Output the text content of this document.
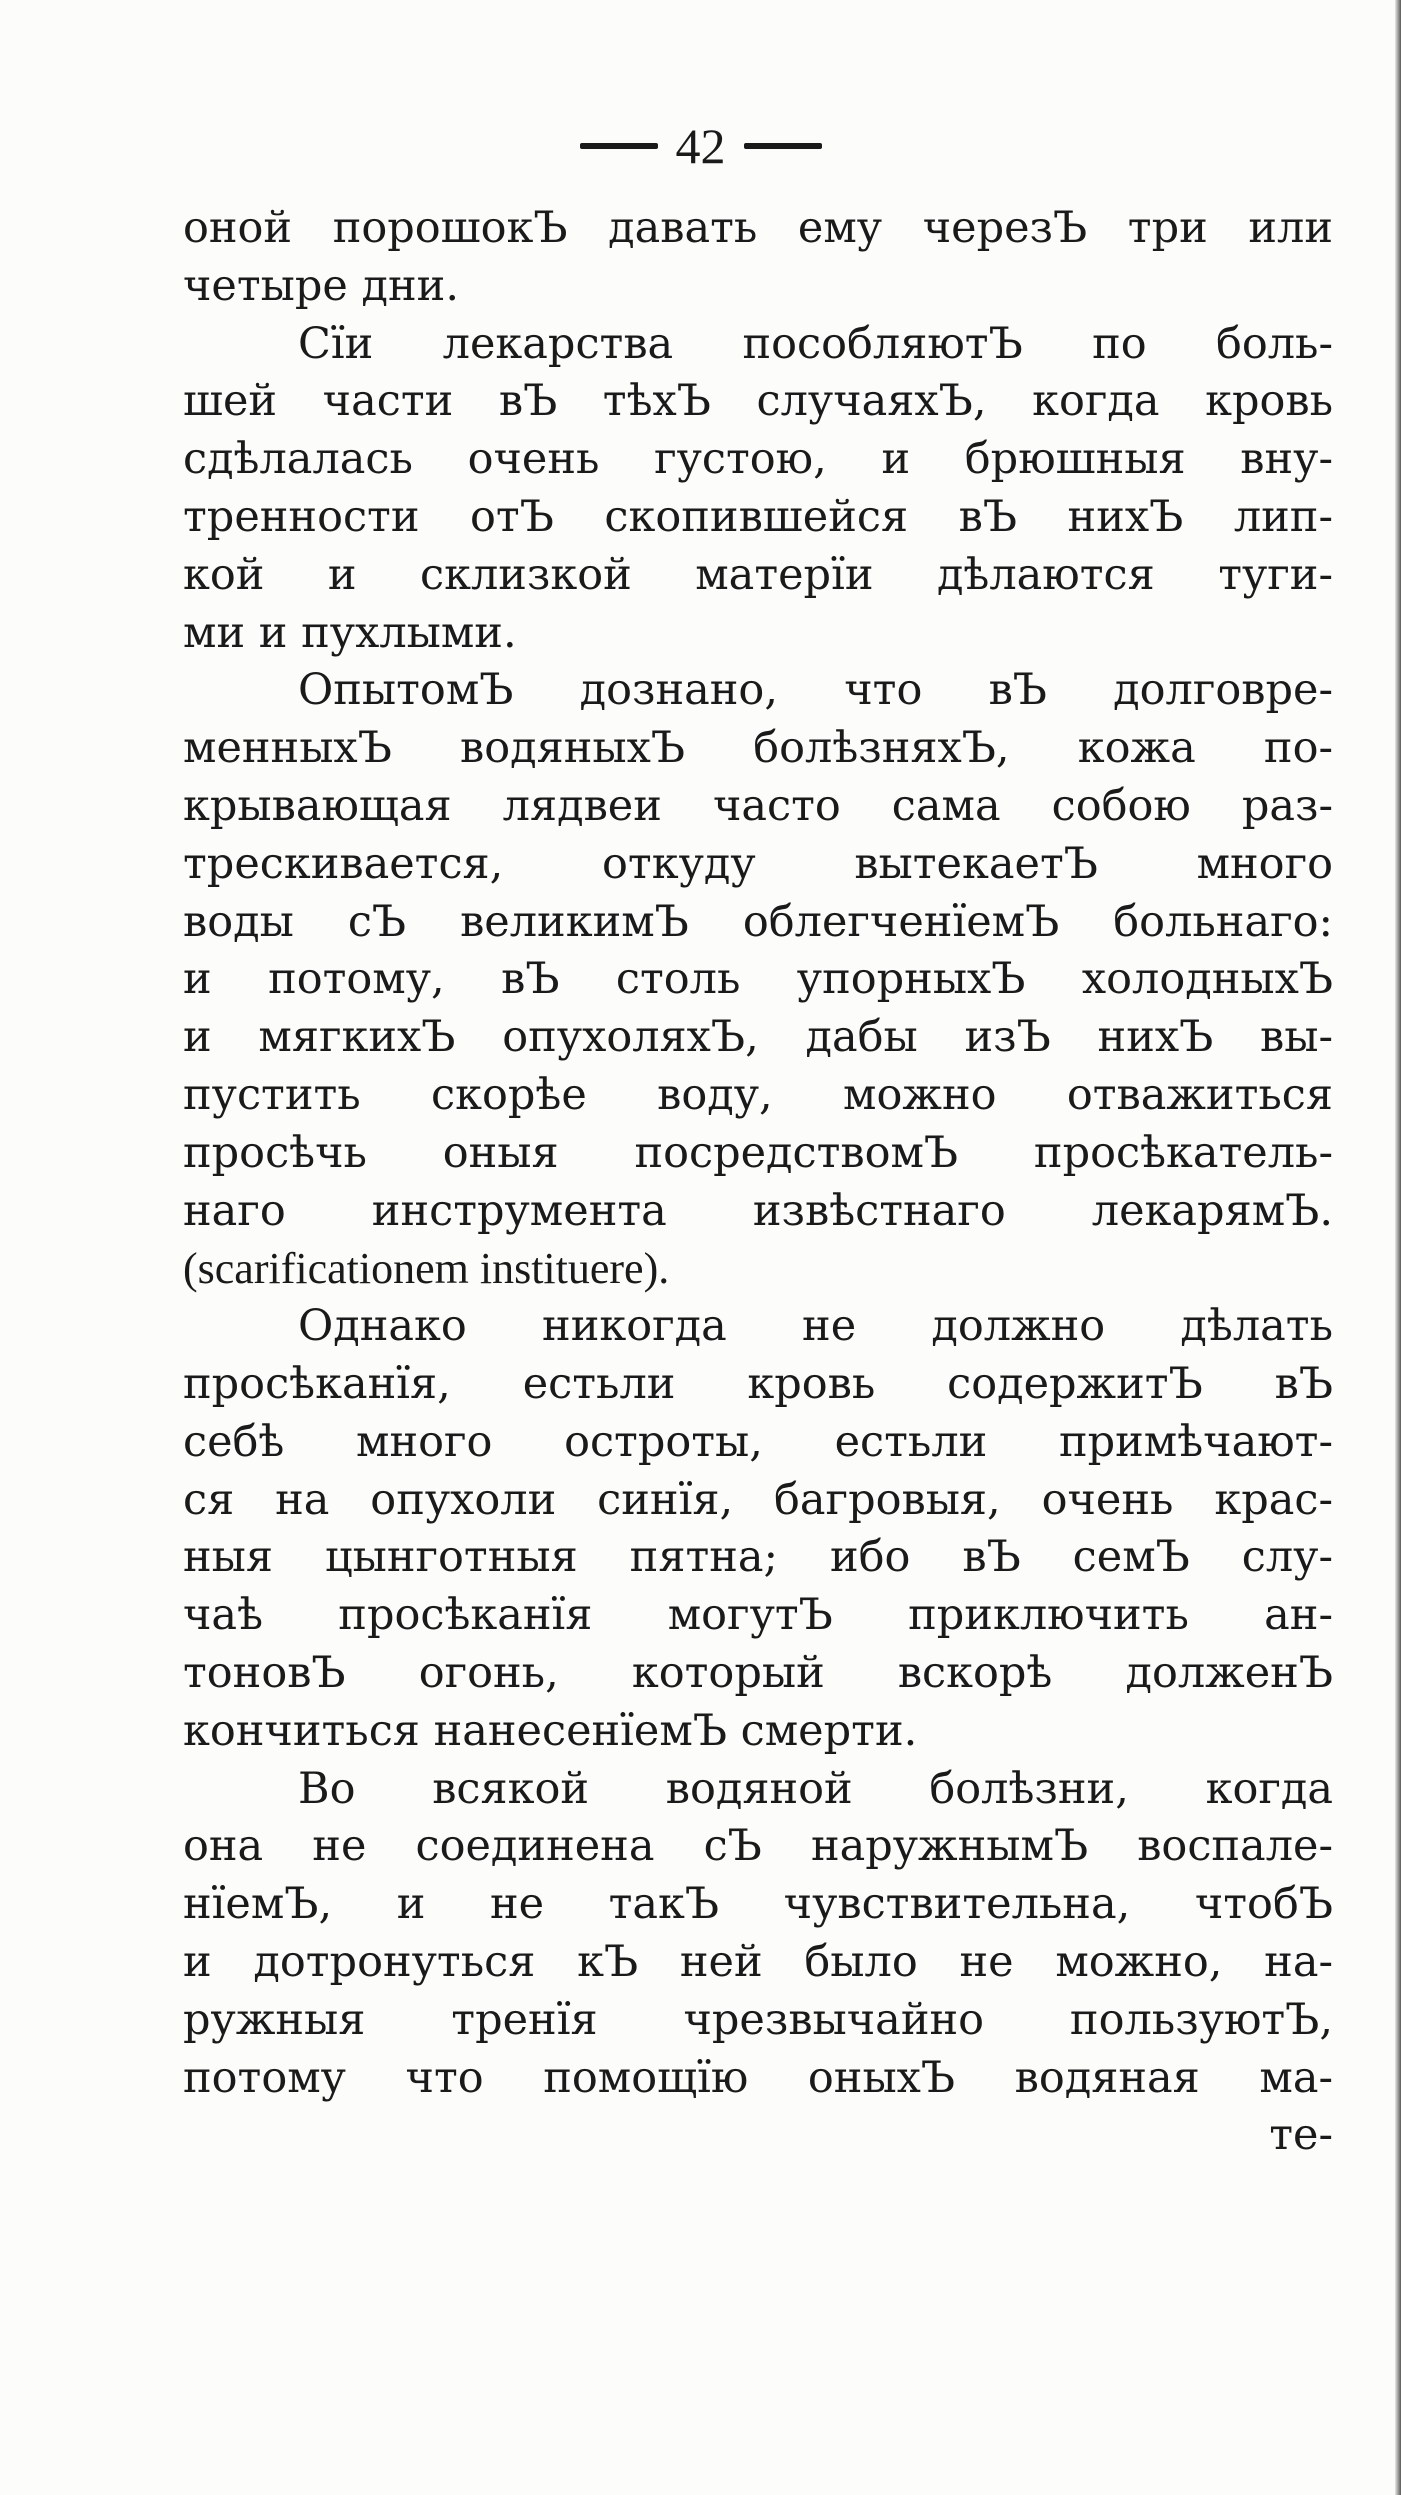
42
оной порошокЪ давать ему черезЪ три или
четыре дни.
Сїи лекарства пособляютЪ по боль-
шей части вЪ тѣхЪ случаяхЪ, когда кровь
сдѣлалась очень густою, и брюшныя вну-
тренности отЪ скопившейся вЪ нихЪ лип-
кой и склизкой матерїи дѣлаются туги-
ми и пухлыми.
ОпытомЪ дознано, что вЪ долговре-
менныхЪ водяныхЪ болѣзняхЪ, кожа по-
крывающая лядвеи часто сама собою раз-
трескивается, откуду вытекаетЪ много
воды сЪ великимЪ облегченїемЪ больнаго:
и потому, вЪ столь упорныхЪ холодныхЪ
и мягкихЪ опухоляхЪ, дабы изЪ нихЪ вы-
пустить скорѣе воду, можно отважиться
просѣчь оныя посредствомЪ просѣкатель-
наго инструмента извѣстнаго лекарямЪ.
(scarificationem instituere).
Однако никогда не должно дѣлать
просѣканїя, естьли кровь содержитЪ вЪ
себѣ много остроты, естьли примѣчают-
ся на опухоли синїя, багровыя, очень крас-
ныя цынготныя пятна; ибо вЪ семЪ слу-
чаѣ просѣканїя могутЪ приключить ан-
тоновЪ огонь, который вскорѣ долженЪ
кончиться нанесенїемЪ смерти.
Во всякой водяной болѣзни, когда
она не соединена сЪ наружнымЪ воспале-
нїемЪ, и не такЪ чувствительна, чтобЪ
и дотронуться кЪ ней было не можно, на-
ружныя тренїя чрезвычайно пользуютЪ,
потому что помощїю оныхЪ водяная ма-
те-
